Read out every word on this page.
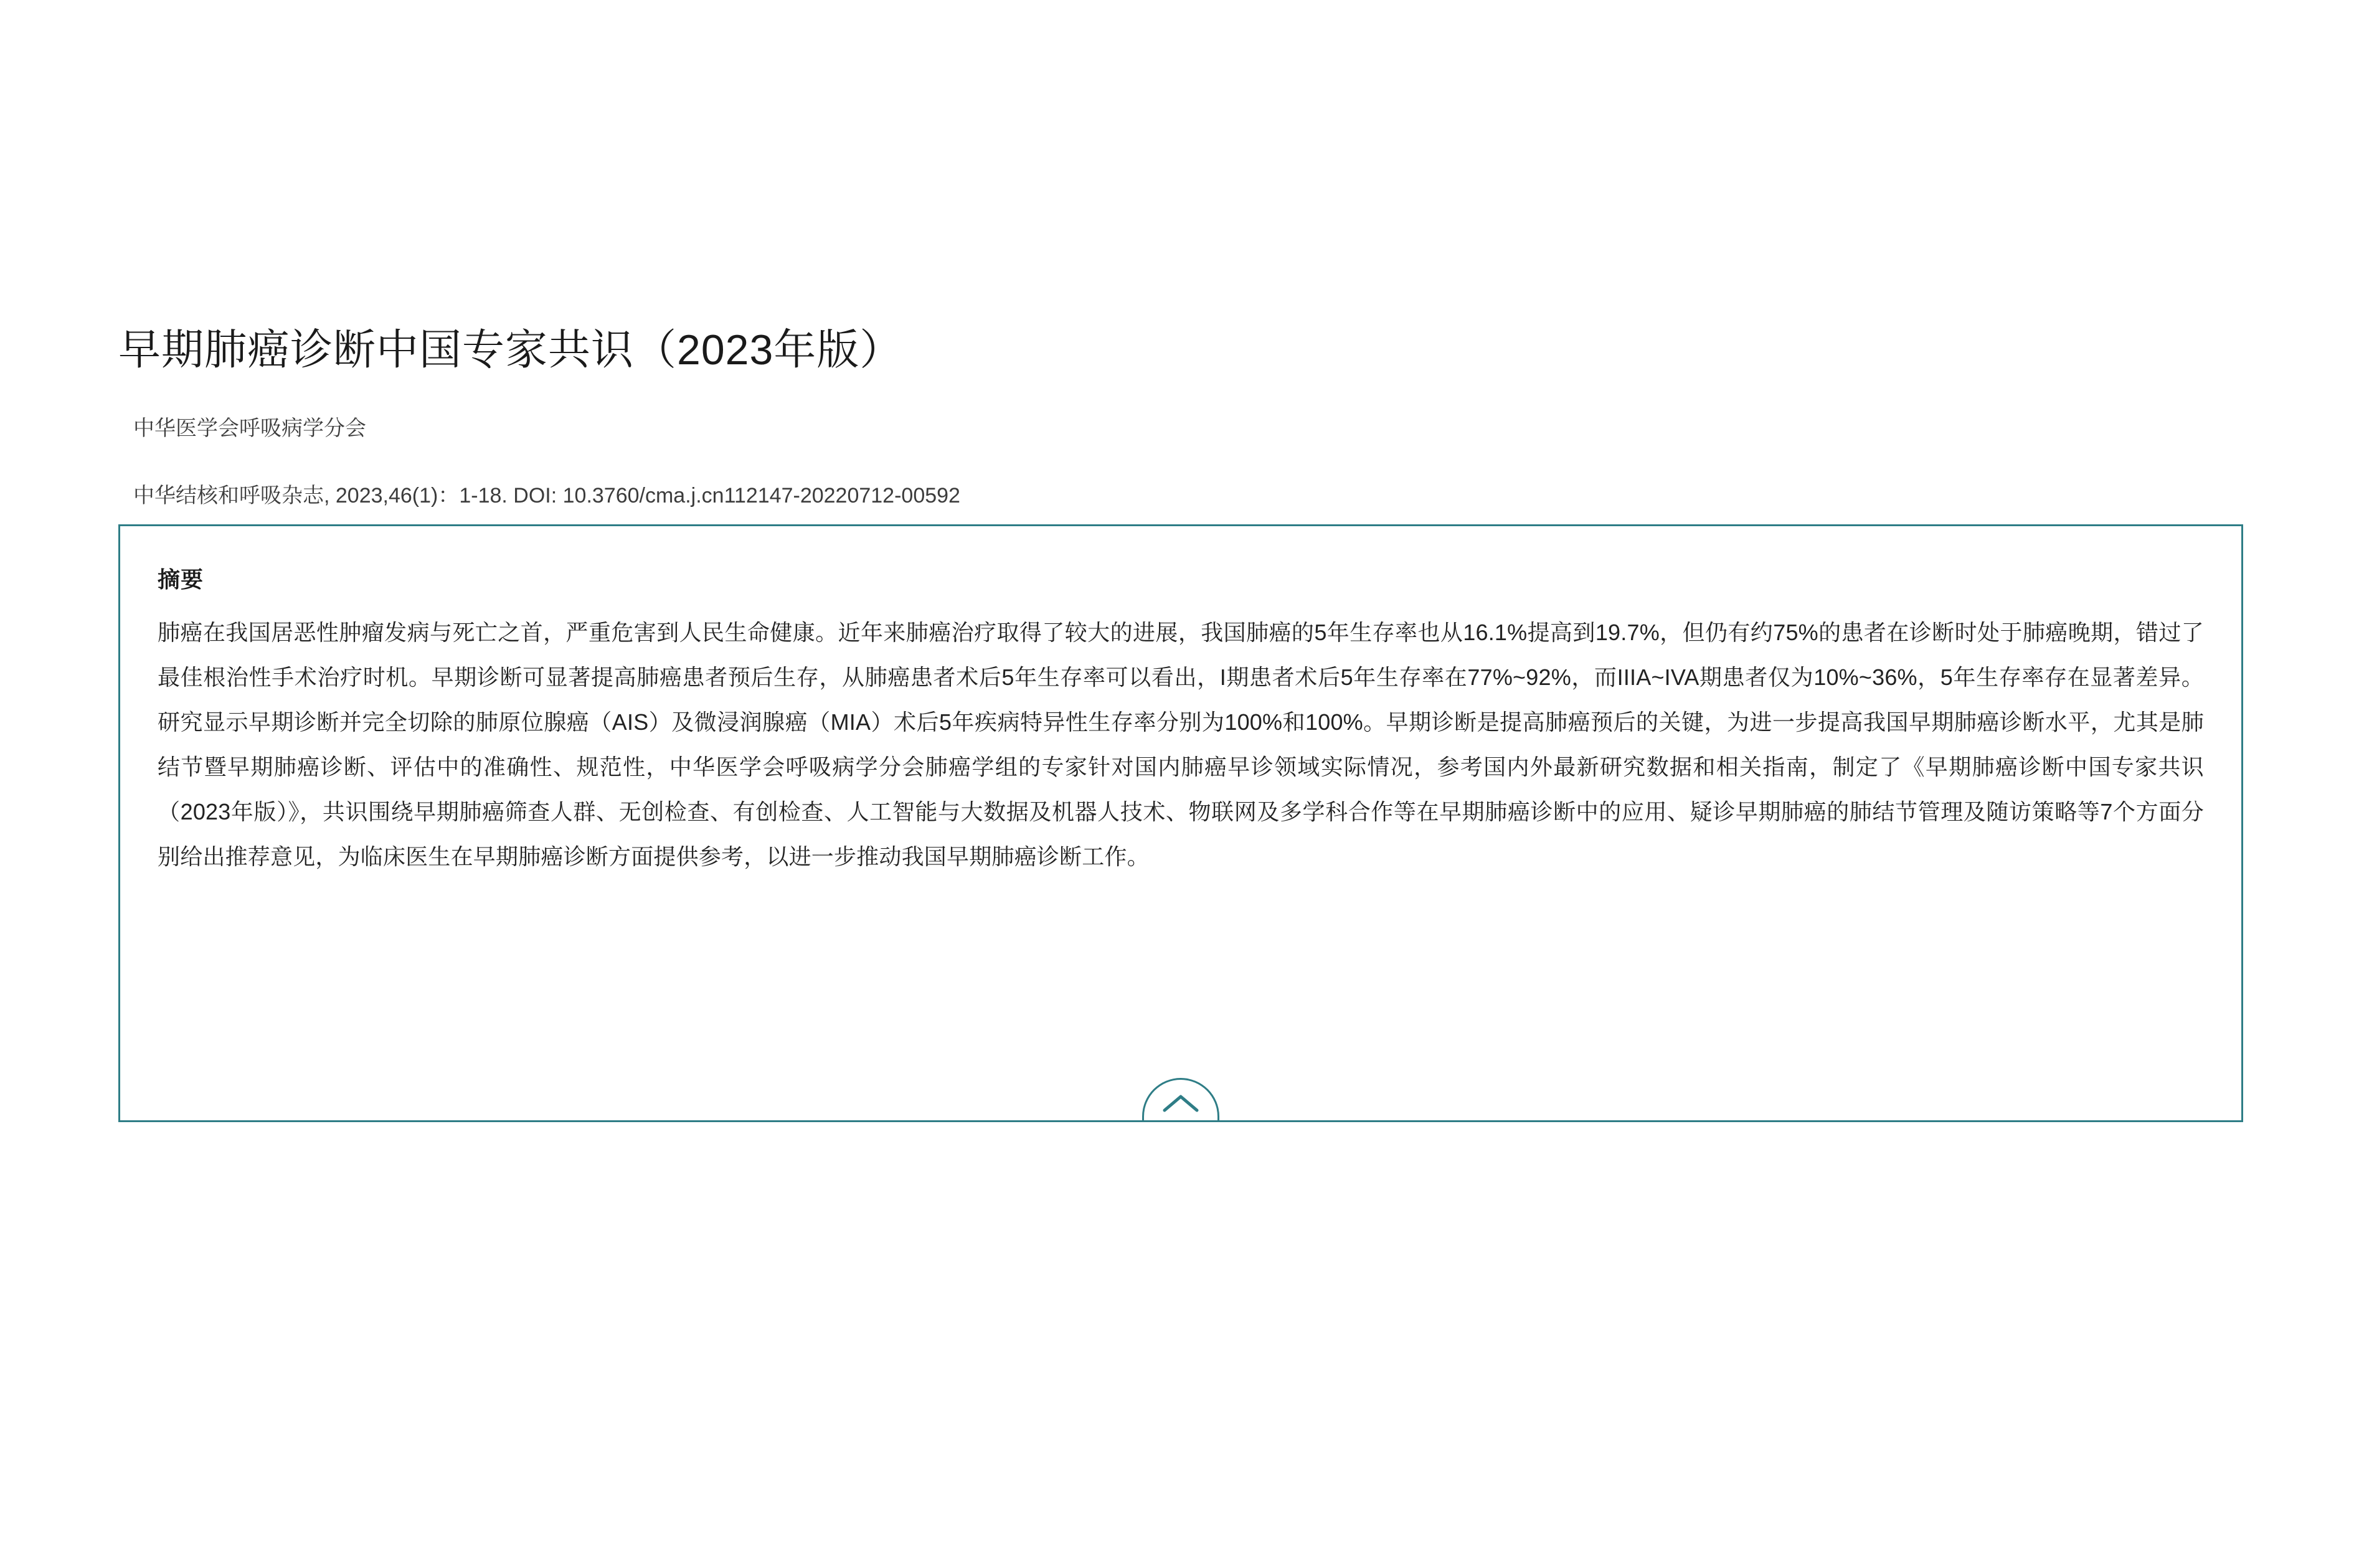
早期肺癌诊断中国专家共识（2023年版）
中华医学会呼吸病学分会
中华结核和呼吸杂志, 2023,46(1)：1-18. DOI: 10.3760/cma.j.cn112147-20220712-00592
摘要
肺癌在我国居恶性肿瘤发病与死亡之首，严重危害到人民生命健康。近年来肺癌治疗取得了较大的进展，我国肺癌的5年生存率也从16.1%提高到19.7%，但仍有约75%的患者在诊断时处于肺癌晚期，错过了最佳根治性手术治疗时机。早期诊断可显著提高肺癌患者预后生存，从肺癌患者术后5年生存率可以看出，I期患者术后5年生存率在77%~92%，而IIIA~IVA期患者仅为10%~36%，5年生存率存在显著差异。研究显示早期诊断并完全切除的肺原位腺癌（AIS）及微浸润腺癌（MIA）术后5年疾病特异性生存率分别为100%和100%。早期诊断是提高肺癌预后的关键，为进一步提高我国早期肺癌诊断水平，尤其是肺结节暨早期肺癌诊断、评估中的准确性、规范性，中华医学会呼吸病学分会肺癌学组的专家针对国内肺癌早诊领域实际情况，参考国内外最新研究数据和相关指南，制定了《早期肺癌诊断中国专家共识（2023年版）》，共识围绕早期肺癌筛查人群、无创检查、有创检查、人工智能与大数据及机器人技术、物联网及多学科合作等在早期肺癌诊断中的应用、疑诊早期肺癌的肺结节管理及随访策略等7个方面分别给出推荐意见，为临床医生在早期肺癌诊断方面提供参考，以进一步推动我国早期肺癌诊断工作。
